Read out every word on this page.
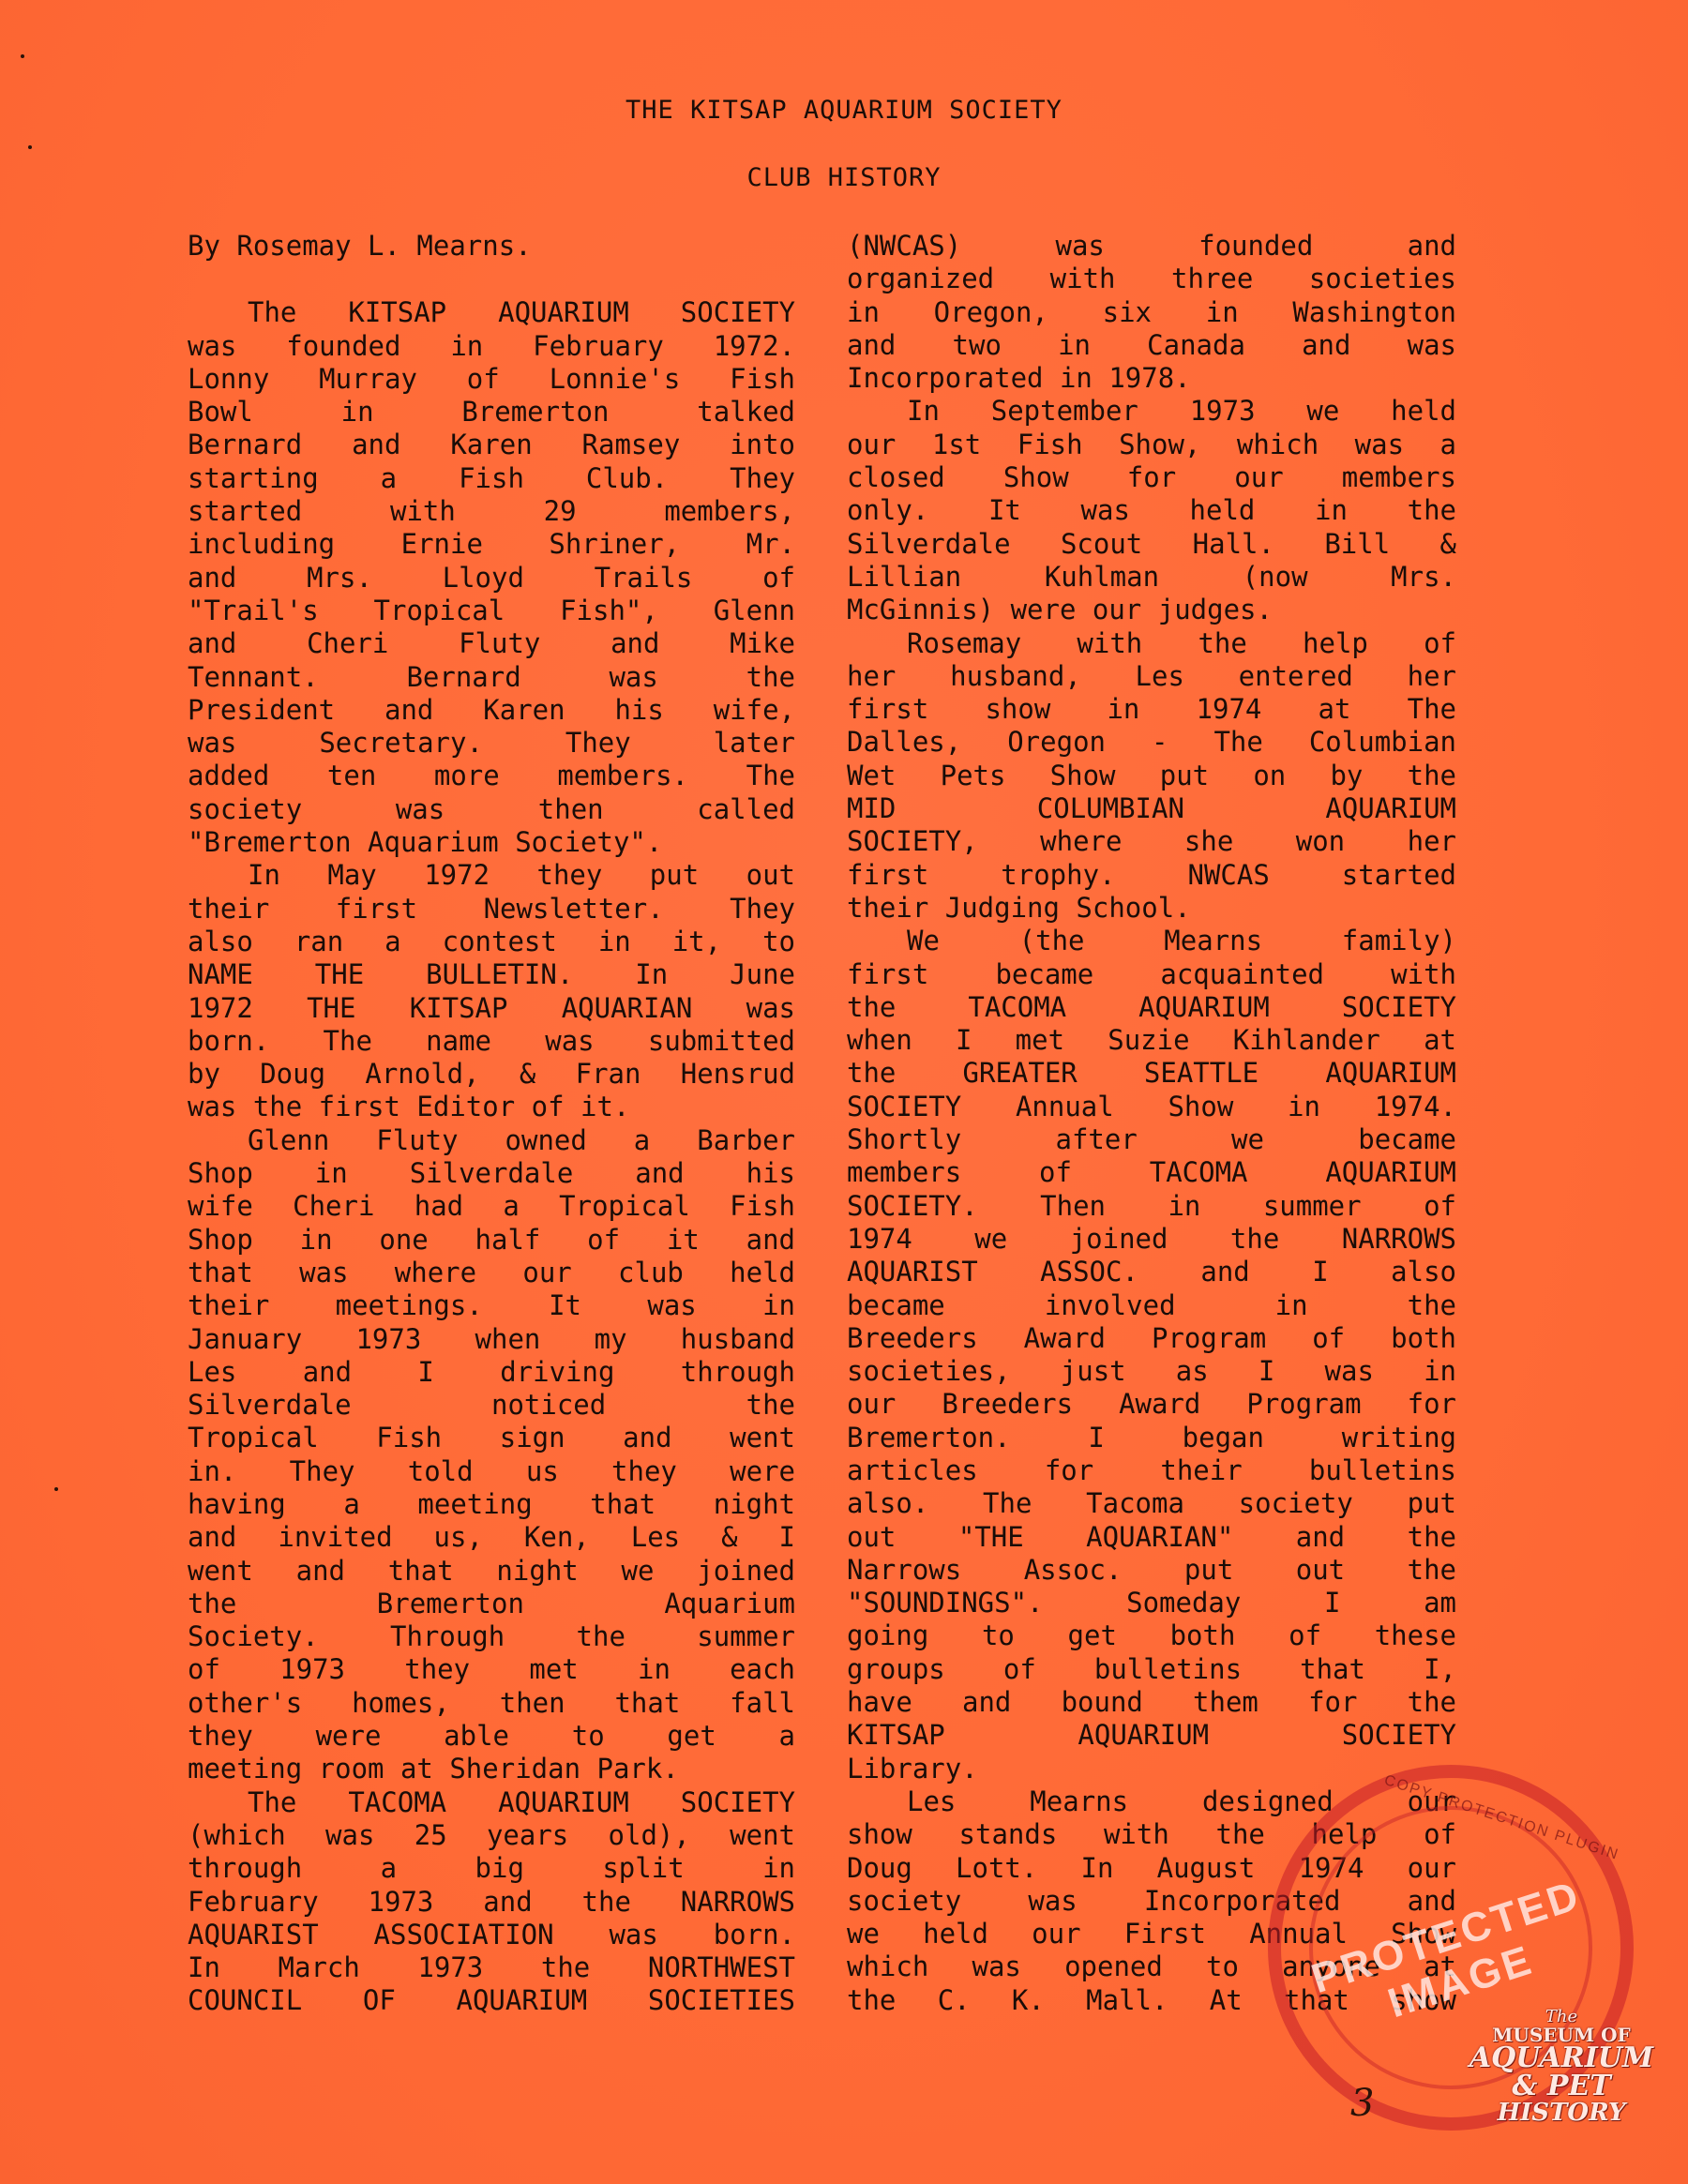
THE KITSAP AQUARIUM SOCIETY
CLUB HISTORY
By Rosemay L. Mearns.
The KITSAP AQUARIUM SOCIETY
was founded in February 1972.
Lonny Murray of Lonnie's Fish
Bowl in Bremerton talked
Bernard and Karen Ramsey into
starting a Fish Club. They
started with 29 members,
including Ernie Shriner, Mr.
and Mrs. Lloyd Trails of
"Trail's Tropical Fish", Glenn
and Cheri Fluty and Mike
Tennant. Bernard was the
President and Karen his wife,
was Secretary. They later
added ten more members. The
society was then called
"Bremerton Aquarium Society".
In May 1972 they put out
their first Newsletter. They
also ran a contest in it, to
NAME THE BULLETIN. In June
1972 THE KITSAP AQUARIAN was
born. The name was submitted
by Doug Arnold, & Fran Hensrud
was the first Editor of it.
Glenn Fluty owned a Barber
Shop in Silverdale and his
wife Cheri had a Tropical Fish
Shop in one half of it and
that was where our club held
their meetings. It was in
January 1973 when my husband
Les and I driving through
Silverdale noticed the
Tropical Fish sign and went
in. They told us they were
having a meeting that night
and invited us, Ken, Les & I
went and that night we joined
the Bremerton Aquarium
Society. Through the summer
of 1973 they met in each
other's homes, then that fall
they were able to get a
meeting room at Sheridan Park.
The TACOMA AQUARIUM SOCIETY
(which was 25 years old), went
through a big split in
February 1973 and the NARROWS
AQUARIST ASSOCIATION was born.
In March 1973 the NORTHWEST
COUNCIL OF AQUARIUM SOCIETIES
(NWCAS) was founded and
organized with three societies
in Oregon, six in Washington
and two in Canada and was
Incorporated in 1978.
In September 1973 we held
our 1st Fish Show, which was a
closed Show for our members
only. It was held in the
Silverdale Scout Hall. Bill &
Lillian Kuhlman (now Mrs.
McGinnis) were our judges.
Rosemay with the help of
her husband, Les entered her
first show in 1974 at The
Dalles, Oregon - The Columbian
Wet Pets Show put on by the
MID COLUMBIAN AQUARIUM
SOCIETY, where she won her
first trophy. NWCAS started
their Judging School.
We (the Mearns family)
first became acquainted with
the TACOMA AQUARIUM SOCIETY
when I met Suzie Kihlander at
the GREATER SEATTLE AQUARIUM
SOCIETY Annual Show in 1974.
Shortly after we became
members of TACOMA AQUARIUM
SOCIETY. Then in summer of
1974 we joined the NARROWS
AQUARIST ASSOC. and I also
became involved in the
Breeders Award Program of both
societies, just as I was in
our Breeders Award Program for
Bremerton. I began writing
articles for their bulletins
also. The Tacoma society put
out "THE AQUARIAN" and the
Narrows Assoc. put out the
"SOUNDINGS". Someday I am
going to get both of these
groups of bulletins that I,
have and bound them for the
KITSAP AQUARIUM SOCIETY
Library.
Les Mearns designed our
show stands with the help of
Doug Lott. In August 1974 our
society was Incorporated and
we held our First Annual Show
which was opened to anyone at
the C. K. Mall. At that show
COPY PROTECTION PLUGIN
PROTECTED IMAGE The
MUSEUM OF
AQUARIUM & PET
HISTORY
3
